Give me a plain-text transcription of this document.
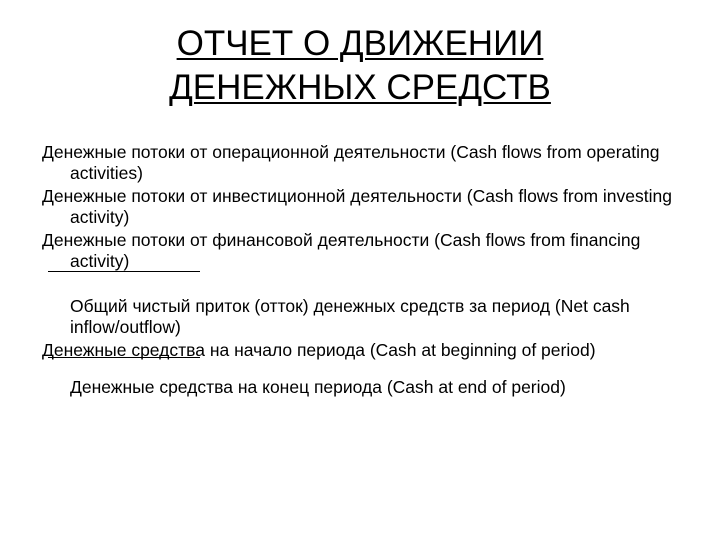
ОТЧЕТ О ДВИЖЕНИИ
ДЕНЕЖНЫХ СРЕДСТВ

Денежные потоки от операционной деятельности (Cash flows from operating activities)

Денежные потоки от инвестиционной деятельности (Cash flows from investing activity)

Денежные потоки от финансовой деятельности (Cash flows from financing activity)

Общий чистый приток (отток) денежных средств за период (Net cash inflow/outflow)

Денежные средства на начало периода (Cash at beginning of period)

Денежные средства на конец периода (Cash at end of period)
